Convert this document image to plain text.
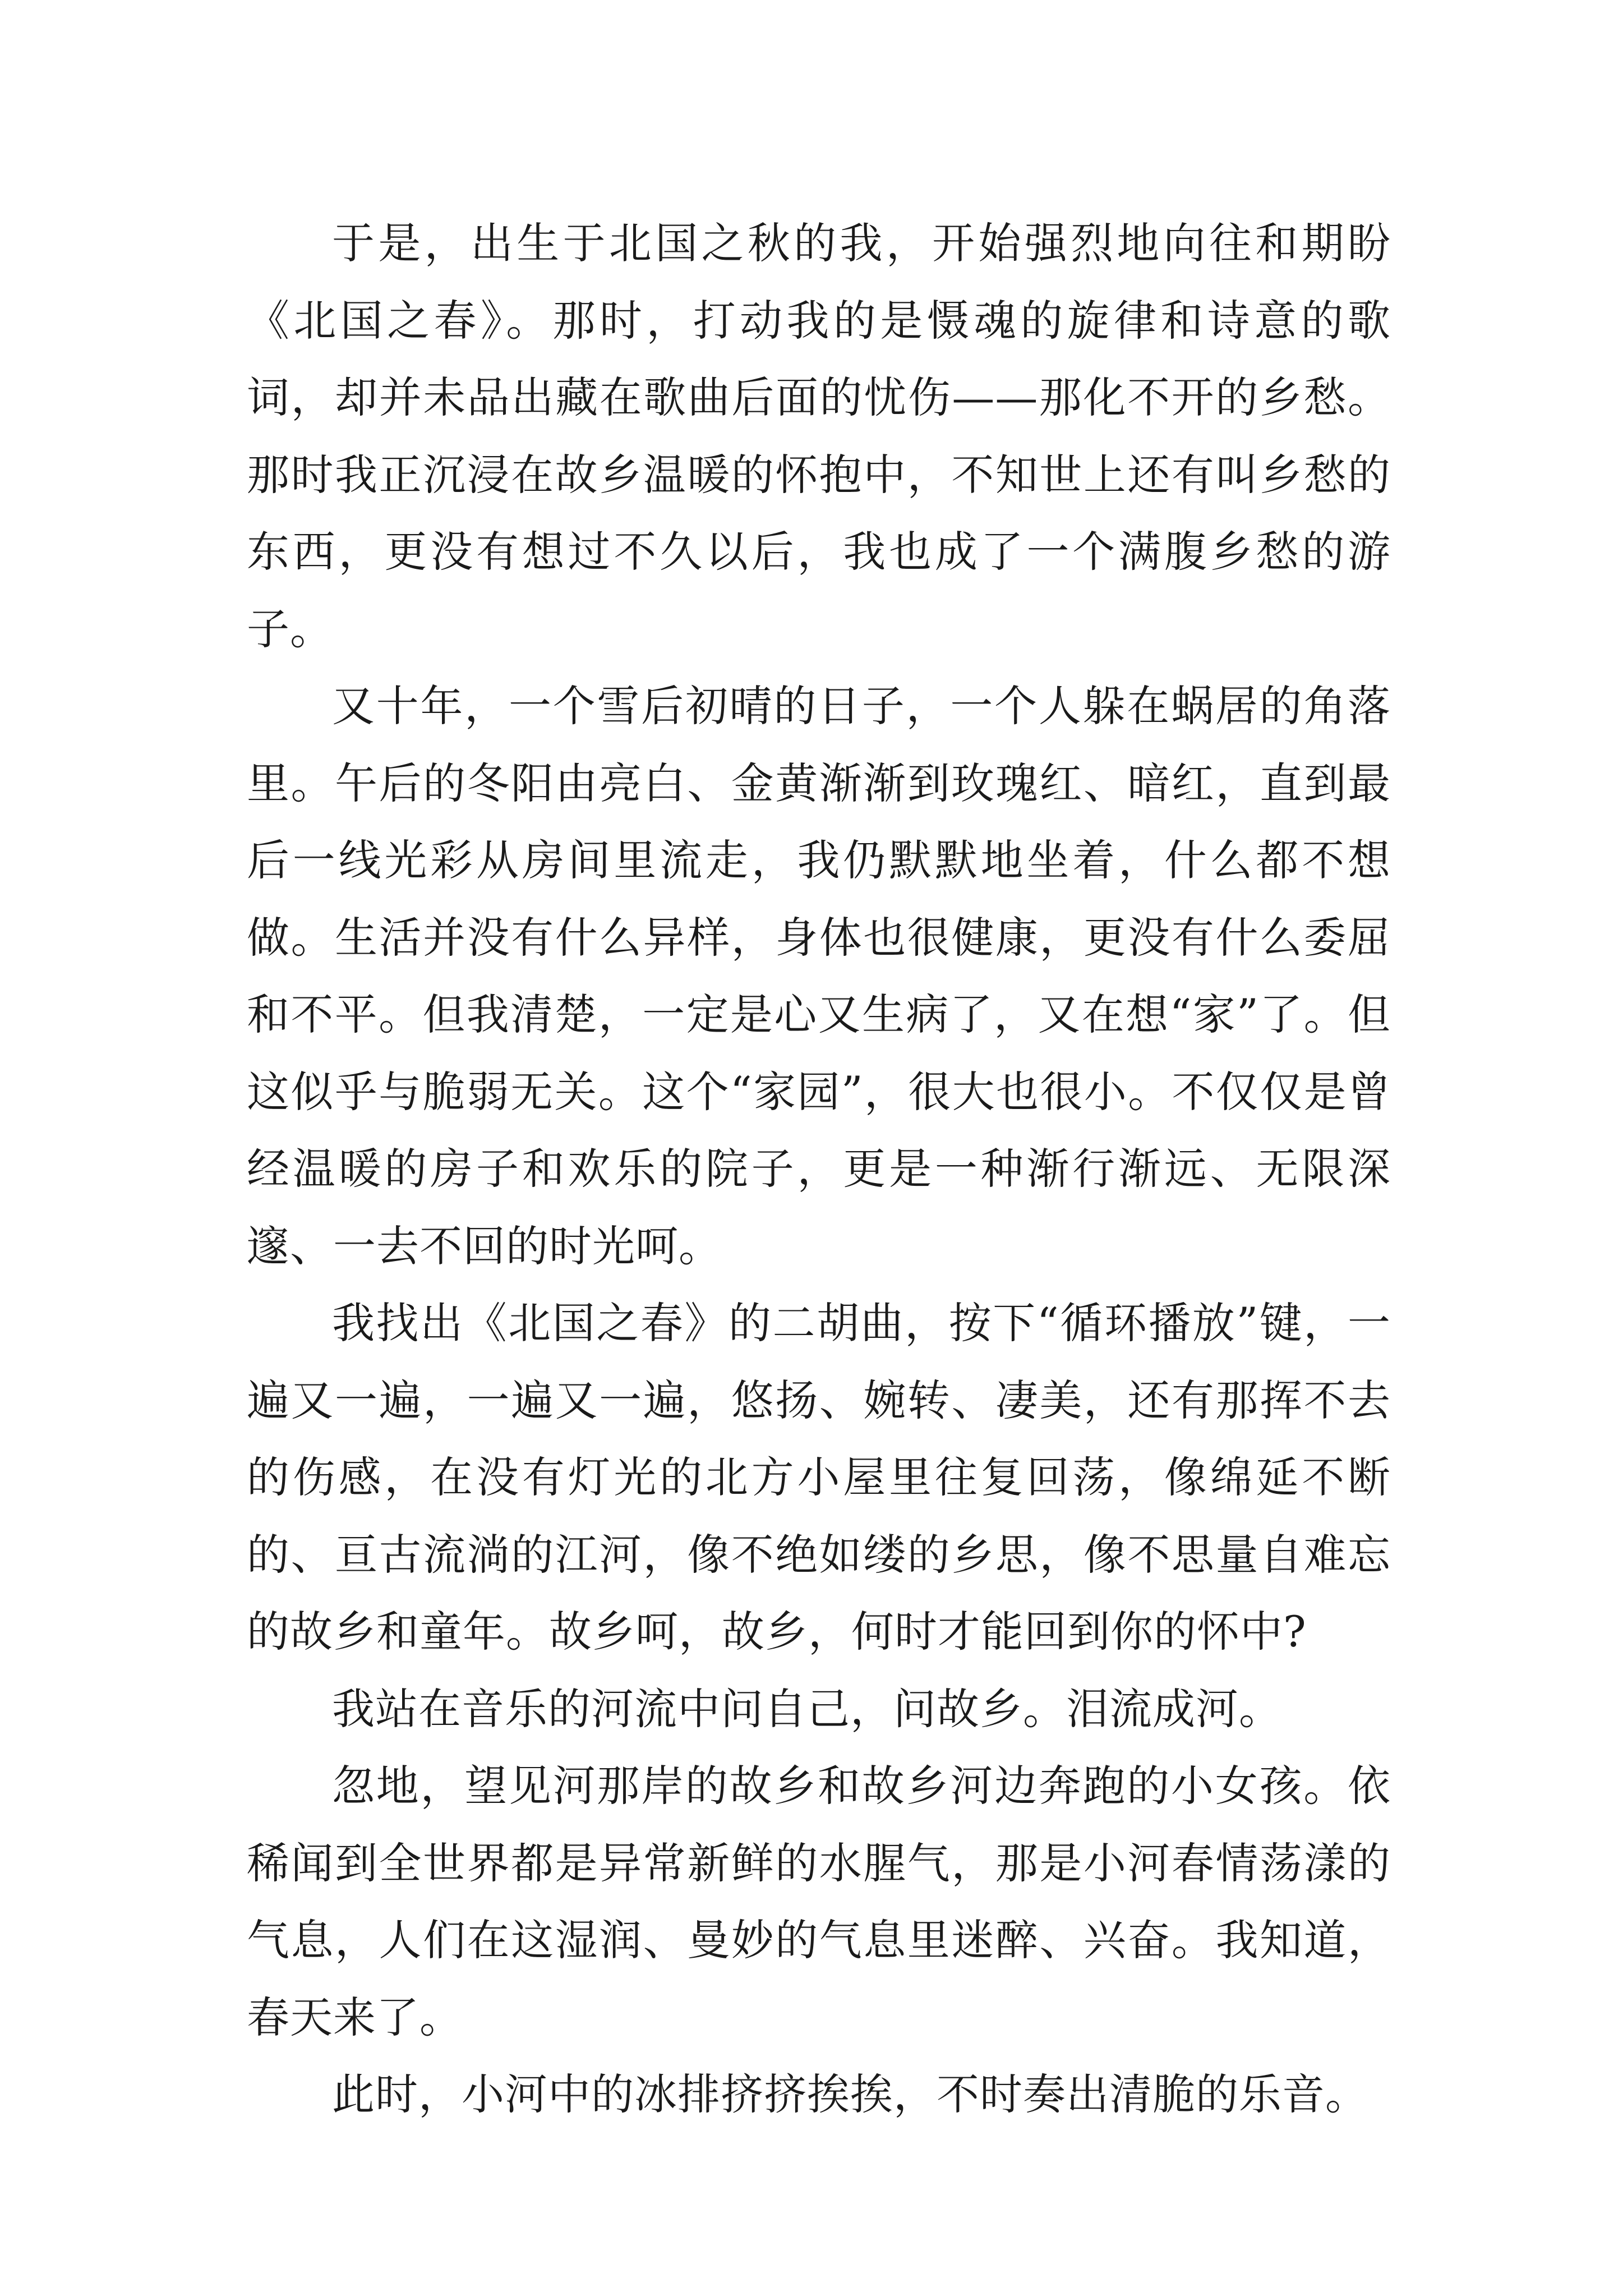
于是，出生于北国之秋的我，开始强烈地向往和期盼《北国之春》。那时，打动我的是慑魂的旋律和诗意的歌词，却并未品出藏在歌曲后面的忧伤——那化不开的乡愁。那时我正沉浸在故乡温暖的怀抱中，不知世上还有叫乡愁的东西，更没有想过不久以后，我也成了一个满腹乡愁的游子。

又十年，一个雪后初晴的日子，一个人躲在蜗居的角落里。午后的冬阳由亮白、金黄渐渐到玫瑰红、暗红，直到最后一线光彩从房间里流走，我仍默默地坐着，什么都不想做。生活并没有什么异样，身体也很健康，更没有什么委屈和不平。但我清楚，一定是心又生病了，又在想“家”了。但这似乎与脆弱无关。这个“家园”，很大也很小。不仅仅是曾经温暖的房子和欢乐的院子，更是一种渐行渐远、无限深邃、一去不回的时光呵。

我找出《北国之春》的二胡曲，按下“循环播放”键，一遍又一遍，一遍又一遍，悠扬、婉转、凄美，还有那挥不去的伤感，在没有灯光的北方小屋里往复回荡，像绵延不断的、亘古流淌的江河，像不绝如缕的乡思，像不思量自难忘的故乡和童年。故乡呵，故乡，何时才能回到你的怀中?

我站在音乐的河流中问自己，问故乡。泪流成河。

忽地，望见河那岸的故乡和故乡河边奔跑的小女孩。依稀闻到全世界都是异常新鲜的水腥气，那是小河春情荡漾的气息，人们在这湿润、曼妙的气息里迷醉、兴奋。我知道，春天来了。

此时，小河中的冰排挤挤挨挨，不时奏出清脆的乐音。
